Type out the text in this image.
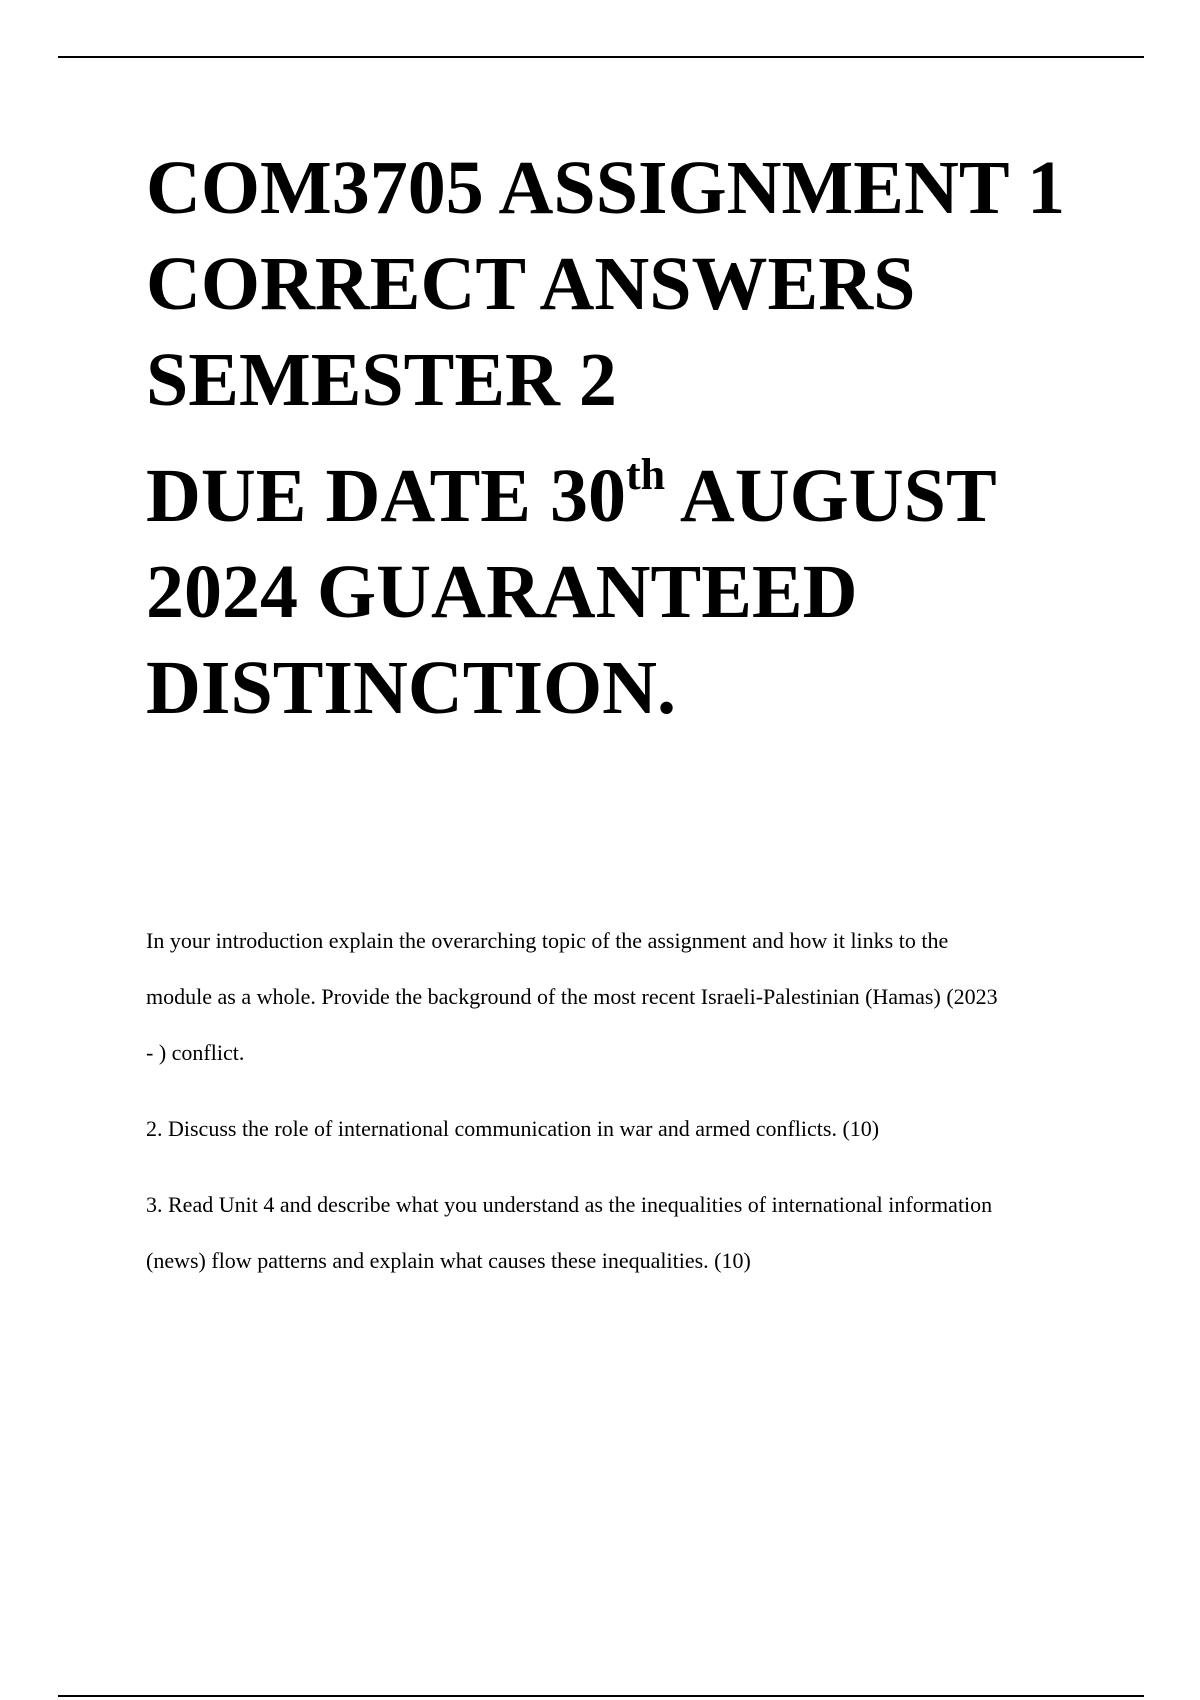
COM3705 ASSIGNMENT 1
CORRECT ANSWERS
SEMESTER 2
DUE DATE 30th AUGUST
2024 GUARANTEED
DISTINCTION.

In your introduction explain the overarching topic of the assignment and how it links to the

module as a whole. Provide the background of the most recent Israeli-Palestinian (Hamas) (2023

- ) conflict.

2. Discuss the role of international communication in war and armed conflicts. (10)

3. Read Unit 4 and describe what you understand as the inequalities of international information

(news) flow patterns and explain what causes these inequalities. (10)
